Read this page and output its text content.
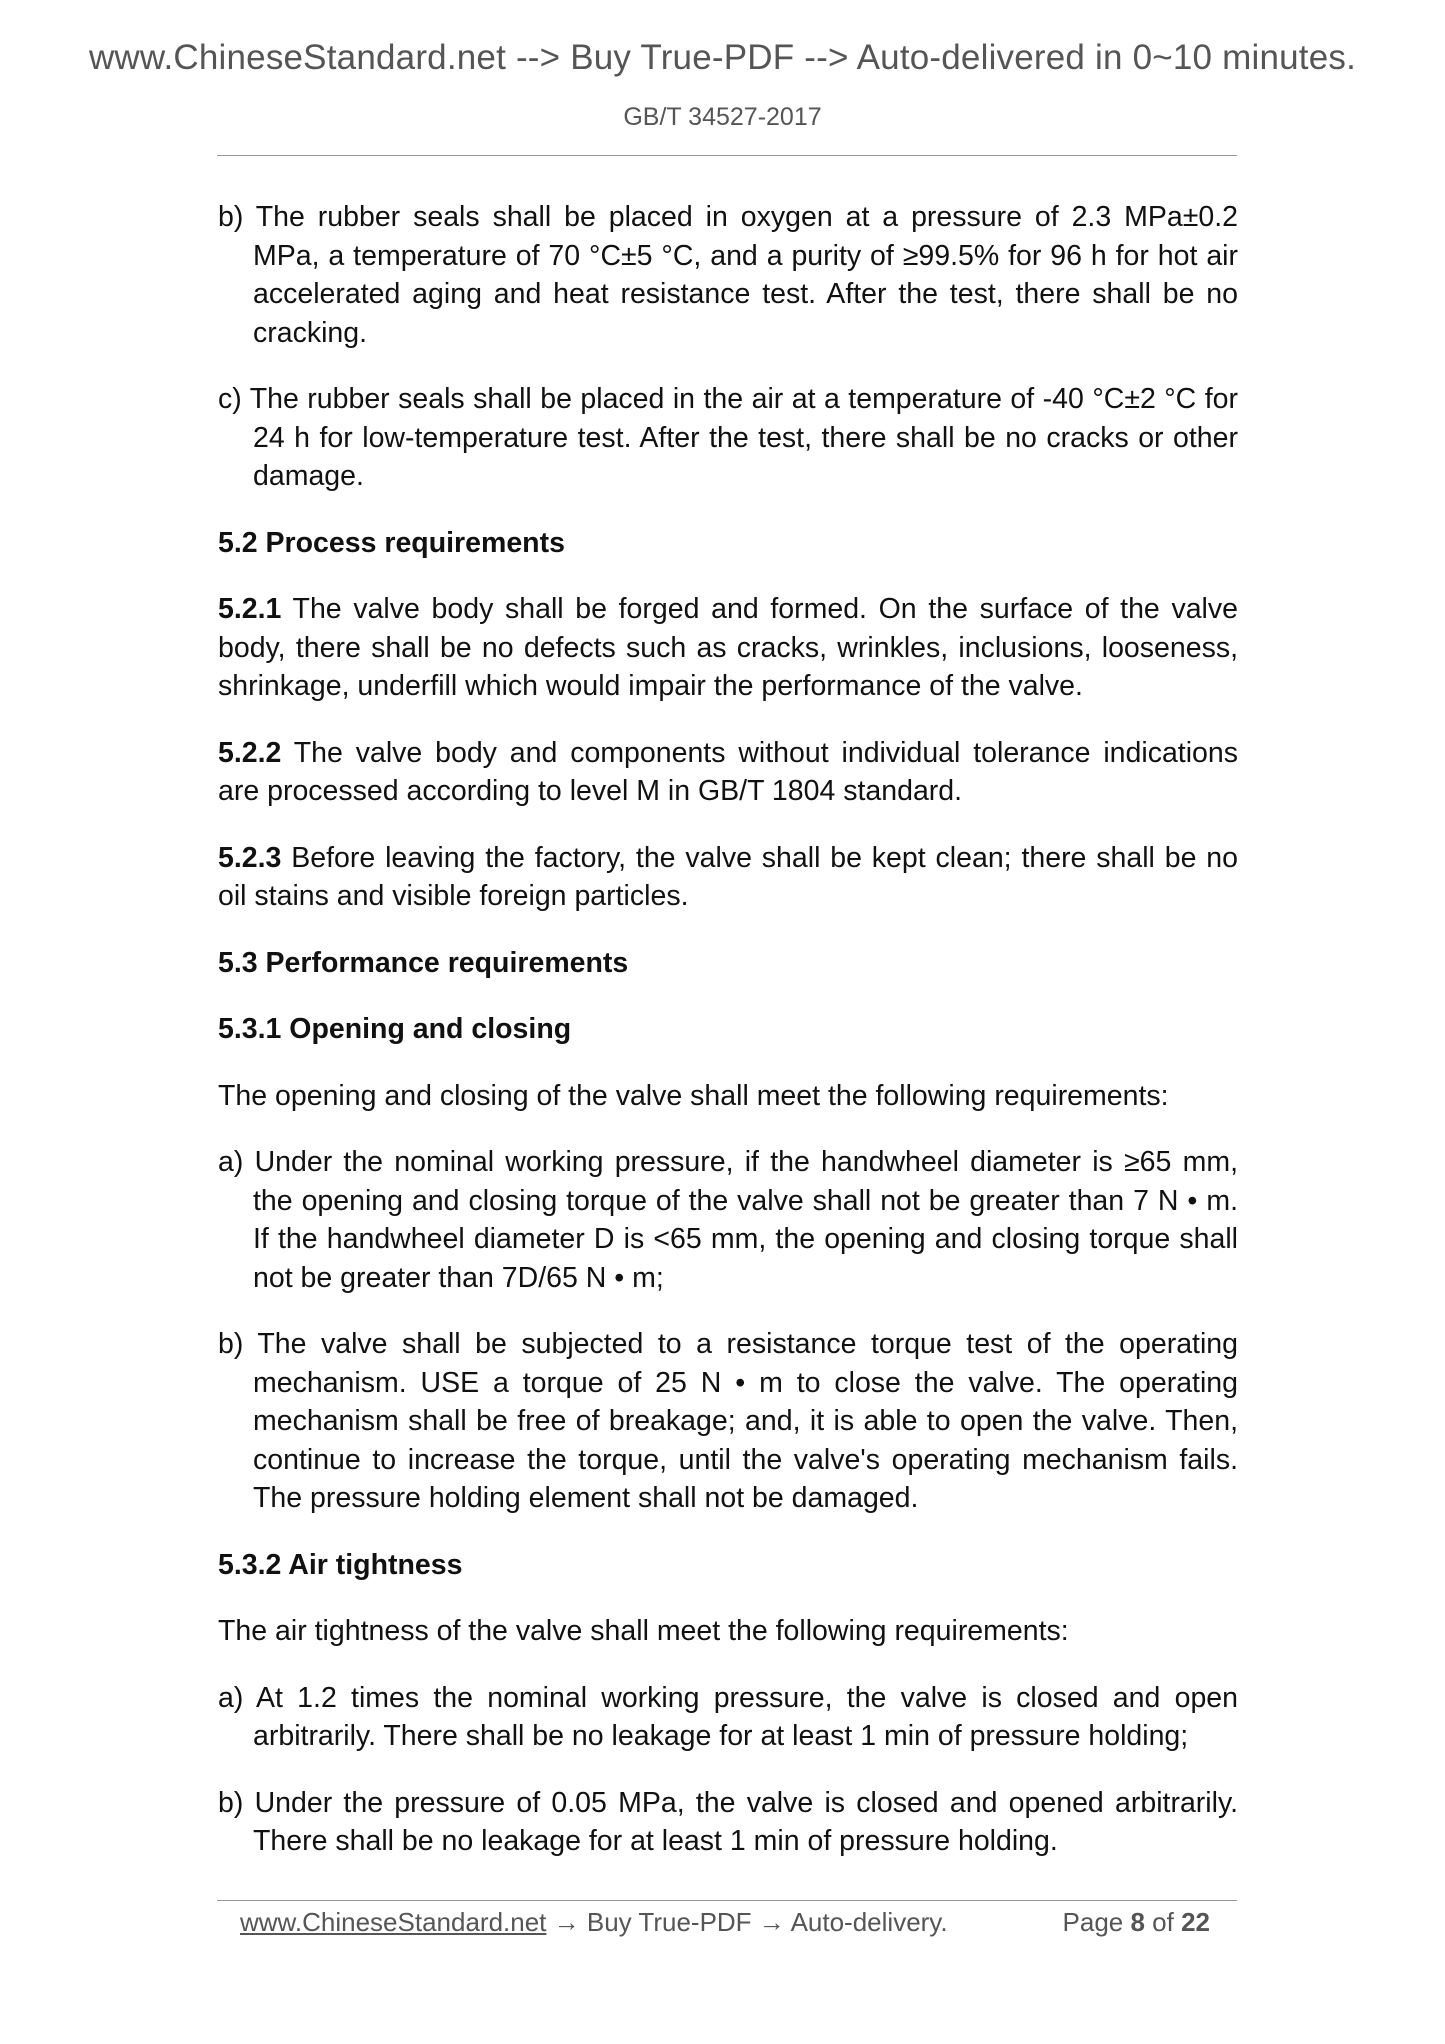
www.ChineseStandard.net --> Buy True-PDF --> Auto-delivered in 0~10 minutes.
GB/T 34527-2017

b) The rubber seals shall be placed in oxygen at a pressure of 2.3 MPa±0.2 MPa, a temperature of 70 °C±5 °C, and a purity of ≥99.5% for 96 h for hot air accelerated aging and heat resistance test. After the test, there shall be no cracking.

c) The rubber seals shall be placed in the air at a temperature of -40 °C±2 °C for 24 h for low-temperature test. After the test, there shall be no cracks or other damage.

5.2 Process requirements

5.2.1 The valve body shall be forged and formed. On the surface of the valve body, there shall be no defects such as cracks, wrinkles, inclusions, looseness, shrinkage, underfill which would impair the performance of the valve.

5.2.2 The valve body and components without individual tolerance indications are processed according to level M in GB/T 1804 standard.

5.2.3 Before leaving the factory, the valve shall be kept clean; there shall be no oil stains and visible foreign particles.

5.3 Performance requirements

5.3.1 Opening and closing

The opening and closing of the valve shall meet the following requirements:

a) Under the nominal working pressure, if the handwheel diameter is ≥65 mm, the opening and closing torque of the valve shall not be greater than 7 N • m. If the handwheel diameter D is <65 mm, the opening and closing torque shall not be greater than 7D/65 N • m;

b) The valve shall be subjected to a resistance torque test of the operating mechanism. USE a torque of 25 N • m to close the valve. The operating mechanism shall be free of breakage; and, it is able to open the valve. Then, continue to increase the torque, until the valve's operating mechanism fails. The pressure holding element shall not be damaged.

5.3.2 Air tightness

The air tightness of the valve shall meet the following requirements:

a) At 1.2 times the nominal working pressure, the valve is closed and open arbitrarily. There shall be no leakage for at least 1 min of pressure holding;

b) Under the pressure of 0.05 MPa, the valve is closed and opened arbitrarily. There shall be no leakage for at least 1 min of pressure holding.

www.ChineseStandard.net → Buy True-PDF → Auto-delivery.	Page 8 of 22
